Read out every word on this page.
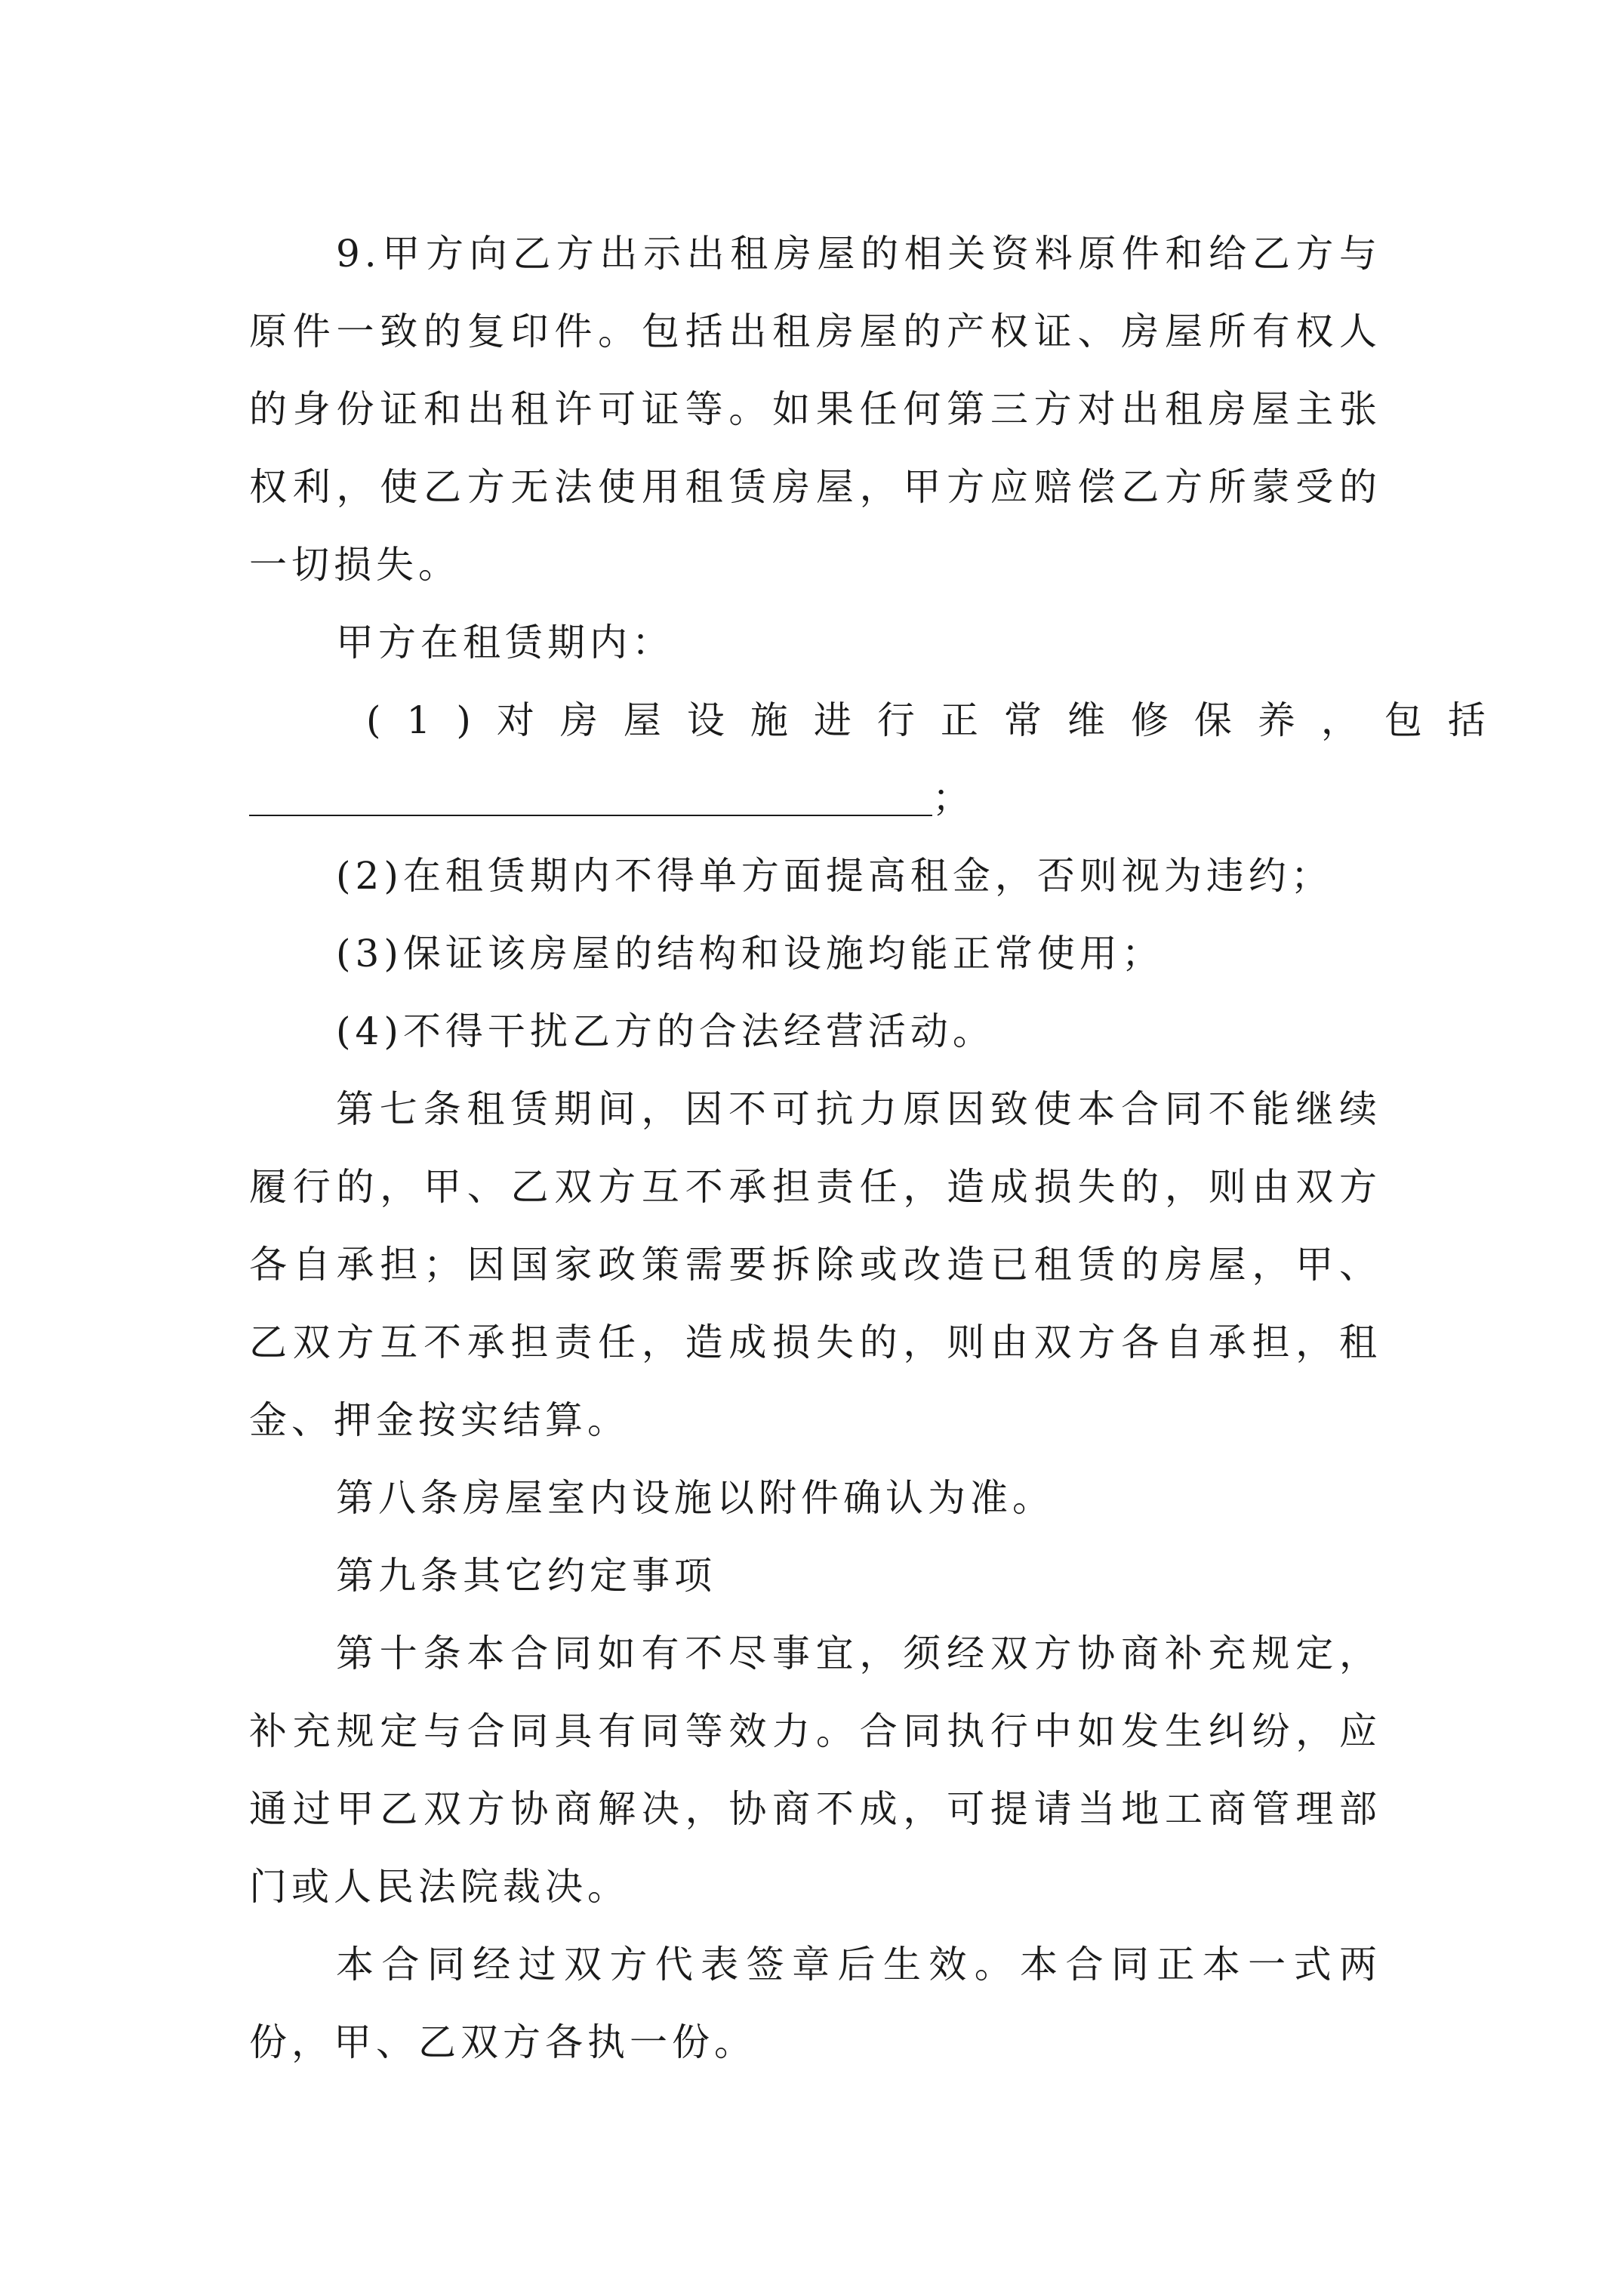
9.甲方向乙方出示出租房屋的相关资料原件和给乙方与原件一致的复印件。包括出租房屋的产权证、房屋所有权人的身份证和出租许可证等。如果任何第三方对出租房屋主张权利，使乙方无法使用租赁房屋，甲方应赔偿乙方所蒙受的一切损失。

甲方在租赁期内：

(1)对房屋设施进行正常维修保养，包括
；
(2)在租赁期内不得单方面提高租金，否则视为违约；
(3)保证该房屋的结构和设施均能正常使用；
(4)不得干扰乙方的合法经营活动。

第七条租赁期间，因不可抗力原因致使本合同不能继续履行的，甲、乙双方互不承担责任，造成损失的，则由双方各自承担；因国家政策需要拆除或改造已租赁的房屋，甲、乙双方互不承担责任，造成损失的，则由双方各自承担，租金、押金按实结算。

第八条房屋室内设施以附件确认为准。

第九条其它约定事项

第十条本合同如有不尽事宜，须经双方协商补充规定，补充规定与合同具有同等效力。合同执行中如发生纠纷，应通过甲乙双方协商解决，协商不成，可提请当地工商管理部门或人民法院裁决。

本合同经过双方代表签章后生效。本合同正本一式两份，甲、乙双方各执一份。
